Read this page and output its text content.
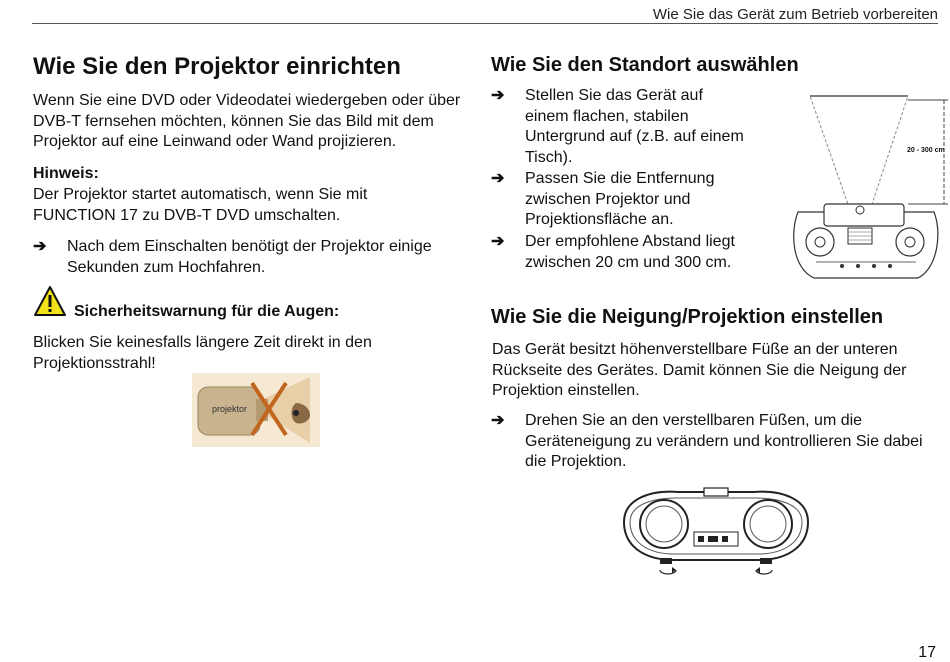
Wie Sie das Gerät zum Betrieb vorbereiten
Wie Sie den Projektor einrichten
Wenn Sie eine DVD oder Videodatei wiedergeben oder über DVB-T fernsehen möchten, können Sie das Bild mit dem Projektor auf eine Leinwand oder Wand projizieren.
Hinweis:
Der Projektor startet automatisch, wenn Sie mit FUNCTION 17 zu DVB-T DVD umschalten.
➔ Nach dem Einschalten benötigt der Projektor einige Sekunden zum Hochfahren.
Sicherheitswarnung für die Augen:
Blicken Sie keinesfalls längere Zeit direkt in den Projektionsstrahl!
projektor
Wie Sie den Standort auswählen
➔ Stellen Sie das Gerät auf einem flachen, stabilen Untergrund auf (z.B. auf einem Tisch).
➔ Passen Sie die Entfernung zwischen Projektor und Projektionsfläche an.
➔ Der empfohlene Abstand liegt zwischen 20 cm und 300 cm.
20 - 300 cm
Wie Sie die Neigung/Projektion einstellen
Das Gerät besitzt höhenverstellbare Füße an der unteren Rückseite des Gerätes. Damit können Sie die Neigung der Projektion einstellen.
➔ Drehen Sie an den verstellbaren Füßen, um die Geräteneigung zu verändern und kontrollieren Sie dabei die Projektion.
17
